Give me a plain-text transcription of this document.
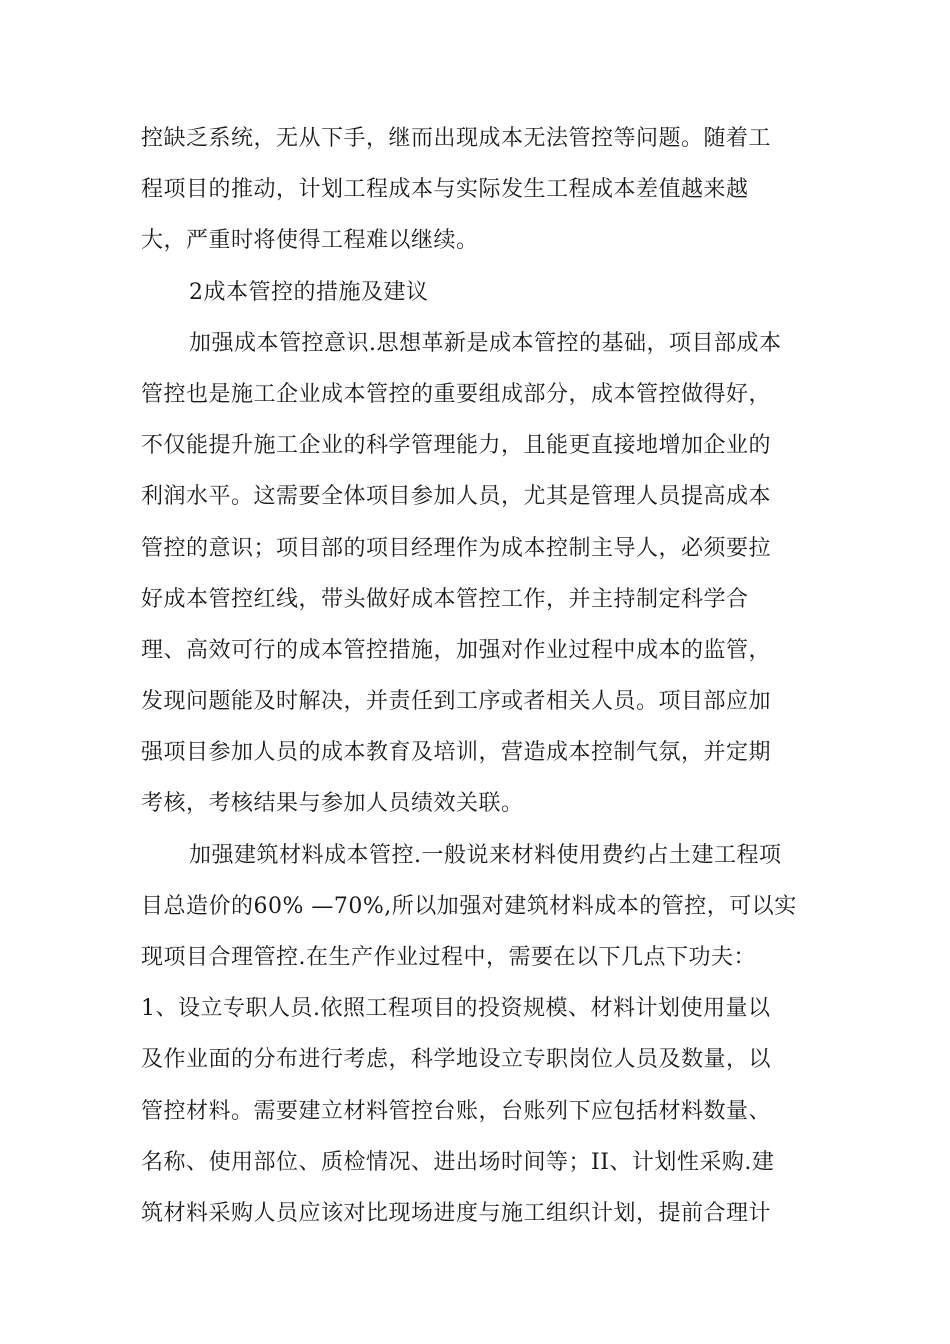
控缺乏系统，无从下手，继而出现成本无法管控等问题。随着工
程项目的推动，计划工程成本与实际发生工程成本差值越来越
大，严重时将使得工程难以继续。
2成本管控的措施及建议
加强成本管控意识.思想革新是成本管控的基础，项目部成本
管控也是施工企业成本管控的重要组成部分，成本管控做得好，
不仅能提升施工企业的科学管理能力，且能更直接地增加企业的
利润水平。这需要全体项目参加人员，尤其是管理人员提高成本
管控的意识；项目部的项目经理作为成本控制主导人，必须要拉
好成本管控红线，带头做好成本管控工作，并主持制定科学合
理、高效可行的成本管控措施，加强对作业过程中成本的监管，
发现问题能及时解决，并责任到工序或者相关人员。项目部应加
强项目参加人员的成本教育及培训，营造成本控制气氛，并定期
考核，考核结果与参加人员绩效关联。
加强建筑材料成本管控.一般说来材料使用费约占土建工程项
目总造价的60% —70%,所以加强对建筑材料成本的管控，可以实
现项目合理管控.在生产作业过程中，需要在以下几点下功夫：
1、设立专职人员.依照工程项目的投资规模、材料计划使用量以
及作业面的分布进行考虑，科学地设立专职岗位人员及数量，以
管控材料。需要建立材料管控台账，台账列下应包括材料数量、
名称、使用部位、质检情况、进出场时间等；II、计划性采购.建
筑材料采购人员应该对比现场进度与施工组织计划，提前合理计
